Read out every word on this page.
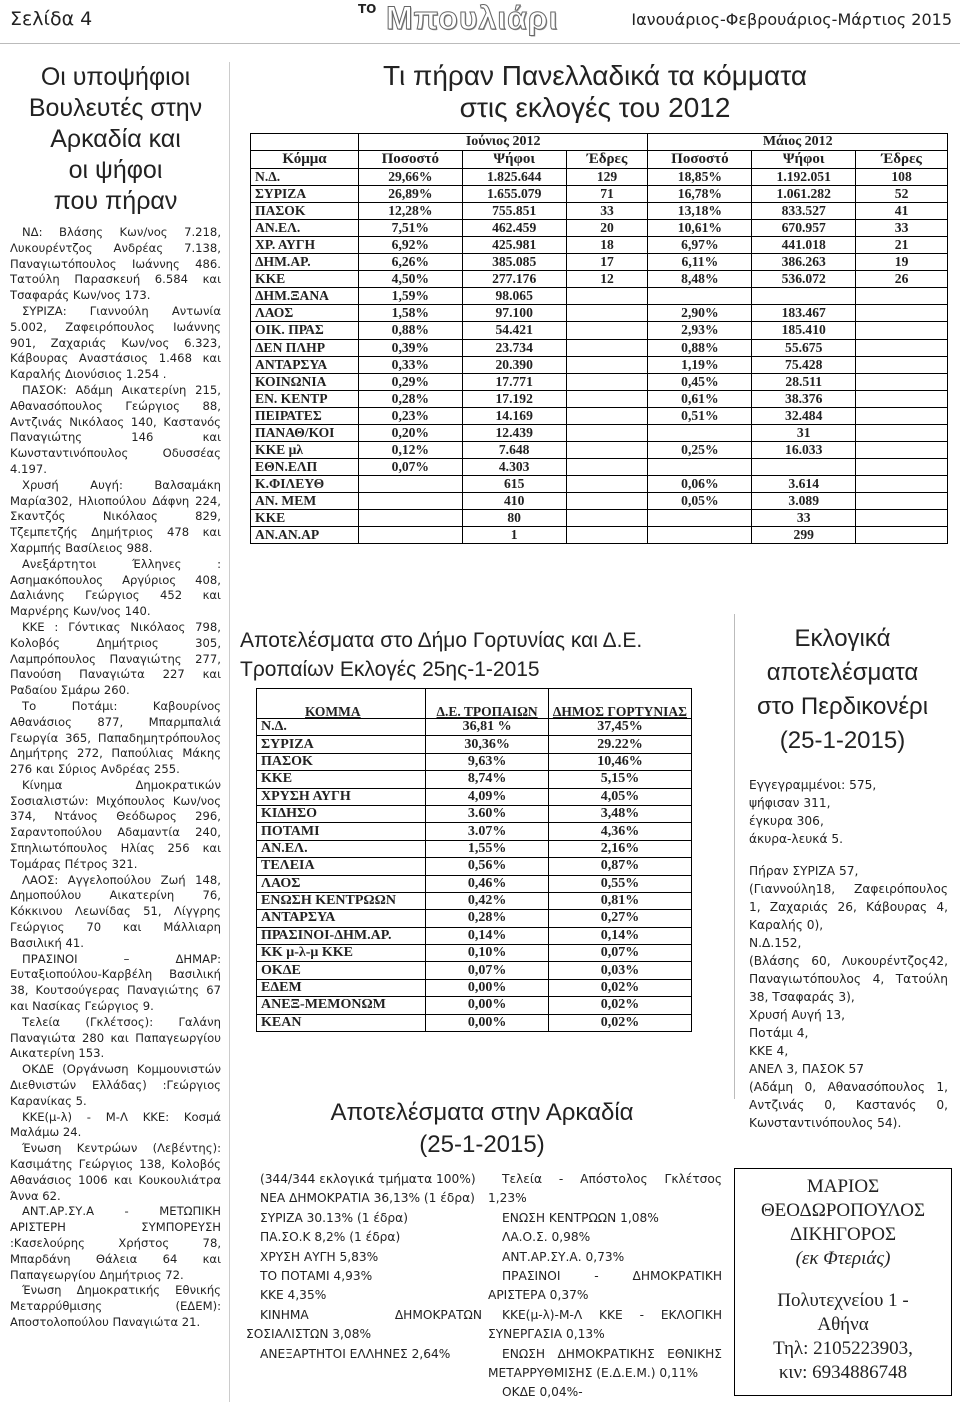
Σελίδα 4	ΤΟ Μπουλιάρι	Ιανουάριος-Φεβρουάριος-Μάρτιος 2015
Οι υποψήφιοι
Βουλευτές στην
Αρκαδία και
οι ψήφοι
που πήραν

ΝΔ: Βλάσης Κων/νος 7.218, Λυκουρέντζος Ανδρέας 7.138, Παναγιωτόπουλος Ιωάννης 486. Τατούλη Παρασκευή 6.584 και Τσαφαράς Κων/νος 173.

ΣΥΡΙΖΑ: Γιαννούλη Αντωνία 5.002, Ζαφειρόπουλος Ιωάννης 901, Ζαχαριάς Κων/νος 6.323, Κάβουρας Αναστάσιος 1.468 και Καραλής Διονύσιος 1.254 .

ΠΑΣΟΚ: Αδάμη Αικατερίνη 215, Αθανασόπουλος Γεώργιος 88, Αντζινάς Νικόλαος 140, Καστανός Παναγιώτης 146 και Κωνσταντινόπουλος Οδυσσέας 4.197.

Χρυσή Αυγή: Βαλσαμάκη Μαρία302, Ηλιοπούλου Δάφνη 224, Σκαντζός Νικόλαος 829, Τζεμπετζής Δημήτριος 478 και Χαρμπής Βασίλειος 988.

Ανεξάρτητοι Έλληνες : Ασημακόπουλος Αργύριος 408, Δαλιάνης Γεώργιος 452 και Μαρνέρης Κων/νος 140.

ΚΚΕ : Γόντικας Νικόλαος 798, Κολοβός Δημήτριος 305, Λαμπρόπουλος Παναγιώτης 277, Πανούση Παναγιώτα 227 και Ραδαίου Σμάρω 260.

Το Ποτάμι: Καβουρίνος Αθανάσιος 877, Μπαρμπαλιά Γεωργία 365, Παπαδημητρόπουλος Δημήτρης 272, Παπούλιας Μάκης 276 και Σύριος Ανδρέας 255.

Κίνημα Δημοκρατικών Σοσιαλιστών: Μιχόπουλος Κων/νος 374, Ντάνος Θεόδωρος 296, Σαραντοπούλου Αδαμαντία 240, Σπηλιωτόπουλος Ηλίας 256 και Τομάρας Πέτρος 321.

ΛΑΟΣ: Αγγελοπούλου Ζωή 148, Δημοπούλου Αικατερίνη 76, Κόκκινου Λεωνίδας 51, Λίγγρης Γεώργιος 70 και Μάλλιαρη Βασιλική 41.

ΠΡΑΣΙΝΟΙ – ΔΗΜΑΡ: Ευταξιοπούλου-Καρβέλη Βασιλική 38, Κουτσούγερας Παναγιώτης 67 και Νασίκας Γεώργιος 9.

Τελεία (Γκλέτσος): Γαλάνη Παναγιώτα 280 και Παπαγεωργίου Αικατερίνη 153.

ΟΚΔΕ (Οργάνωση Κομμουνιστών Διεθνιστών Ελλάδας) :Γεώργιος Καρανίκας 5.

ΚΚΕ(μ-λ) - Μ-Λ ΚΚΕ: Κοσμά Μαλάμω 24.

Ένωση Κεντρώων (Λεβέντης): Κασιμάτης Γεώργιος 138, Κολοβός Αθανάσιος 1006 και Κουκουλιάτρα Άννα 62.

ΑΝΤ.ΑΡ.ΣΥ.Α - ΜΕΤΩΠΙΚΗ ΑΡΙΣΤΕΡΗ ΣΥΜΠΟΡΕΥΣΗ :Κασελούρης Χρήστος 78, Μπαρδάνη Θάλεια 64 και Παπαγεωργίου Δημήτριος 72.

Ένωση Δημοκρατικής Εθνικής Μεταρρύθμισης (ΕΔΕΜ): Αποστολοπούλου Παναγιώτα 21.

Τι πήραν Πανελλαδικά τα κόμματα
στις εκλογές του 2012
	Ιούνιος 2012			Μάιος 2012		
Κόμμα	Ποσοστό	Ψήφοι	Έδρες	Ποσοστό	Ψήφοι	Έδρες
Ν.Δ.	29,66%	1.825.644	129	18,85%	1.192.051	108
ΣΥΡΙΖΑ	26,89%	1.655.079	71	16,78%	1.061.282	52
ΠΑΣΟΚ	12,28%	755.851	33	13,18%	833.527	41
ΑΝ.ΕΛ.	7,51%	462.459	20	10,61%	670.957	33
ΧΡ. ΑΥΓΗ	6,92%	425.981	18	6,97%	441.018	21
ΔΗΜ.ΑΡ.	6,26%	385.085	17	6,11%	386.263	19
ΚΚΕ	4,50%	277.176	12	8,48%	536.072	26
ΔΗΜ.ΞΑΝΑ	1,59%	98.065				
ΛΑΟΣ	1,58%	97.100		2,90%	183.467	
ΟΙΚ. ΠΡΑΣ	0,88%	54.421		2,93%	185.410	
ΔΕΝ ΠΛΗΡ	0,39%	23.734		0,88%	55.675	
ΑΝΤΑΡΣΥΑ	0,33%	20.390		1,19%	75.428	
ΚΟΙΝΩΝΙΑ	0,29%	17.771		0,45%	28.511	
ΕΝ. ΚΕΝΤΡ	0,28%	17.192		0,61%	38.376	
ΠΕΙΡΑΤΕΣ	0,23%	14.169		0,51%	32.484	
ΠΑΝΑΘ/ΚΟΙ	0,20%	12.439			31	
ΚΚΕ μλ	0,12%	7.648		0,25%	16.033	
ΕΘΝ.ΕΛΠ	0,07%	4.303				
Κ.ΦΙΛΕΥΘ		615		0,06%	3.614	
ΑΝ. ΜΕΜ		410		0,05%	3.089	
ΚΚΕ		80			33	
ΑΝ.ΑΝ.ΑΡ		1			299	
Αποτελέσματα στο Δήμο Γορτυνίας και Δ.Ε. Τροπαίων Εκλογές 25ης-1-2015
ΚΟΜΜΑ	Δ.Ε. ΤΡΟΠΑΙΩΝ	ΔΗΜΟΣ ΓΟΡΤΥΝΙΑΣ
Ν.Δ.	36,81 %	37,45%
ΣΥΡΙΖΑ	30,36%	29.22%
ΠΑΣΟΚ	9,63%	10,46%
ΚΚΕ	8,74%	5,15%
ΧΡΥΣΗ ΑΥΓΗ	4,09%	4,05%
ΚΙΔΗΣΟ	3.60%	3,48%
ΠΟΤΑΜΙ	3.07%	4,36%
ΑΝ.ΕΛ.	1,55%	2,16%
ΤΕΛΕΙΑ	0,56%	0,87%
ΛΑΟΣ	0,46%	0,55%
ΕΝΩΣΗ ΚΕΝΤΡΩΩΝ	0,42%	0,81%
ΑΝΤΑΡΣΥΑ	0,28%	0,27%
ΠΡΑΣΙΝΟΙ-ΔΗΜ.ΑΡ.	0,14%	0,14%
ΚΚ μ-λ-μ ΚΚΕ	0,10%	0,07%
ΟΚΔΕ	0,07%	0,03%
ΕΔΕΜ	0,00%	0,02%
ΑΝΕΞ-ΜΕΜΟΝΩΜ	0,00%	0,02%
ΚΕΑΝ	0,00%	0,02%
Αποτελέσματα στην Αρκαδία
(25-1-2015)
(344/344 εκλογικά τμήματα 100%)
ΝΕΑ ΔΗΜΟΚΡΑΤΙΑ 36,13% (1 έδρα)
ΣΥΡΙΖΑ 30.13% (1 έδρα)
ΠΑ.ΣΟ.Κ 8,2% (1 έδρα)
ΧΡΥΣΗ ΑΥΓΗ 5,83%
ΤΟ ΠΟΤΑΜΙ 4,93%
ΚΚΕ 4,35%
ΚΙΝΗΜΑ ΔΗΜΟΚΡΑΤΩΝ ΣΟΣΙΑΛΙΣΤΩΝ 3,08%
ΑΝΕΞΑΡΤΗΤΟΙ ΕΛΛΗΝΕΣ 2,64%
Τελεία - Απόστολος Γκλέτσος 1,23%
ΕΝΩΣΗ ΚΕΝΤΡΩΩΝ 1,08%
ΛΑ.Ο.Σ. 0,98%
ΑΝΤ.ΑΡ.ΣΥ.Α. 0,73%
ΠΡΑΣΙΝΟΙ - ΔΗΜΟΚΡΑΤΙΚΗ ΑΡΙΣΤΕΡΑ 0,37%
ΚΚΕ(μ-λ)-Μ-Λ ΚΚΕ - ΕΚΛΟΓΙΚΗ ΣΥΝΕΡΓΑΣΙΑ 0,13%
ΕΝΩΣΗ ΔΗΜΟΚΡΑΤΙΚΗΣ ΕΘΝΙΚΗΣ ΜΕΤΑΡΡΥΘΜΙΣΗΣ (Ε.Δ.Ε.Μ.) 0,11%
ΟΚΔΕ 0,04%-
Εκλογικά
αποτελέσματα
στο Περδικονέρι
(25-1-2015)

Εγγεγραμμένοι: 575,

ψήφισαν 311,

έγκυρα 306,

άκυρα-λευκά 5.

Πήραν ΣΥΡΙΖΑ 57,

(Γιαννούλη18, Ζαφειρόπουλος 1, Ζαχαριάς 26, Κάβουρας 4, Καραλής 0),

Ν.Δ.152,

(Βλάσης 60, Λυκουρέντζος42, Παναγιωτόπουλος 4, Τατούλη 38, Τσαφαράς 3),

Χρυσή Αυγή 13,

Ποτάμι 4,

ΚΚΕ 4,

ΑΝΕΛ 3, ΠΑΣΟΚ 57

(Αδάμη 0, Αθανασόπουλος 1, Αντζινάς 0, Καστανός 0, Κωνσταντινόπουλος 54).

ΜΑΡΙΟΣ
ΘΕΟΔΩΡΟΠΟΥΛΟΣ
ΔΙΚΗΓΟΡΟΣ
(εκ Φτεριάς)
Πολυτεχνείου 1 -
Αθήνα
Τηλ: 2105223903,
κιν: 6934886748
